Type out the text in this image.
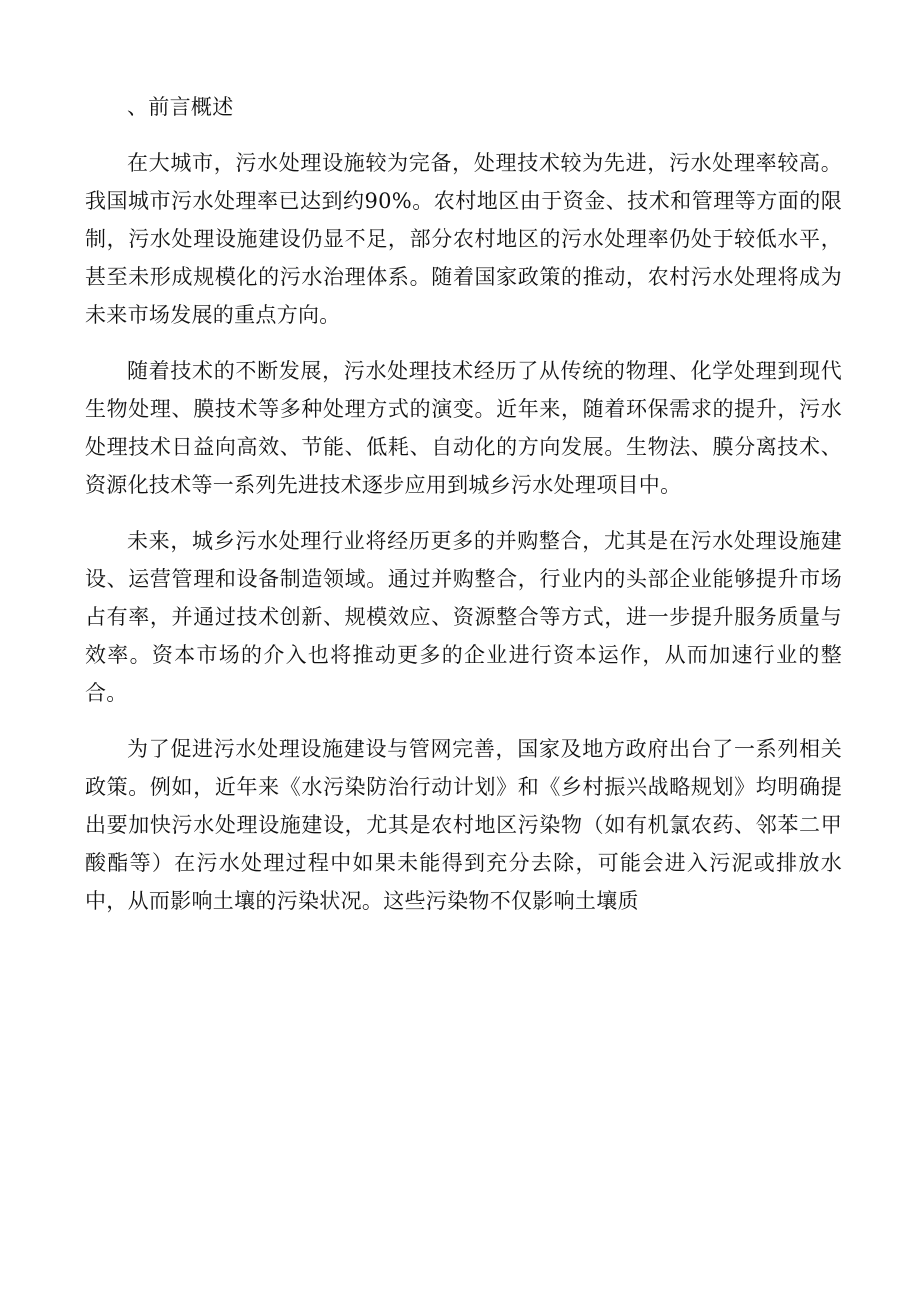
、前言概述

在大城市，污水处理设施较为完备，处理技术较为先进，污水处理率较高。我国城市污水处理率已达到约90%。农村地区由于资金、技术和管理等方面的限制，污水处理设施建设仍显不足，部分农村地区的污水处理率仍处于较低水平，甚至未形成规模化的污水治理体系。随着国家政策的推动，农村污水处理将成为未来市场发展的重点方向。

随着技术的不断发展，污水处理技术经历了从传统的物理、化学处理到现代生物处理、膜技术等多种处理方式的演变。近年来，随着环保需求的提升，污水处理技术日益向高效、节能、低耗、自动化的方向发展。生物法、膜分离技术、资源化技术等一系列先进技术逐步应用到城乡污水处理项目中。

未来，城乡污水处理行业将经历更多的并购整合，尤其是在污水处理设施建设、运营管理和设备制造领域。通过并购整合，行业内的头部企业能够提升市场占有率，并通过技术创新、规模效应、资源整合等方式，进一步提升服务质量与效率。资本市场的介入也将推动更多的企业进行资本运作，从而加速行业的整合。

为了促进污水处理设施建设与管网完善，国家及地方政府出台了一系列相关政策。例如，近年来《水污染防治行动计划》和《乡村振兴战略规划》均明确提出要加快污水处理设施建设，尤其是农村地区污染物（如有机氯农药、邻苯二甲酸酯等）在污水处理过程中如果未能得到充分去除，可能会进入污泥或排放水中，从而影响土壤的污染状况。这些污染物不仅影响土壤质
